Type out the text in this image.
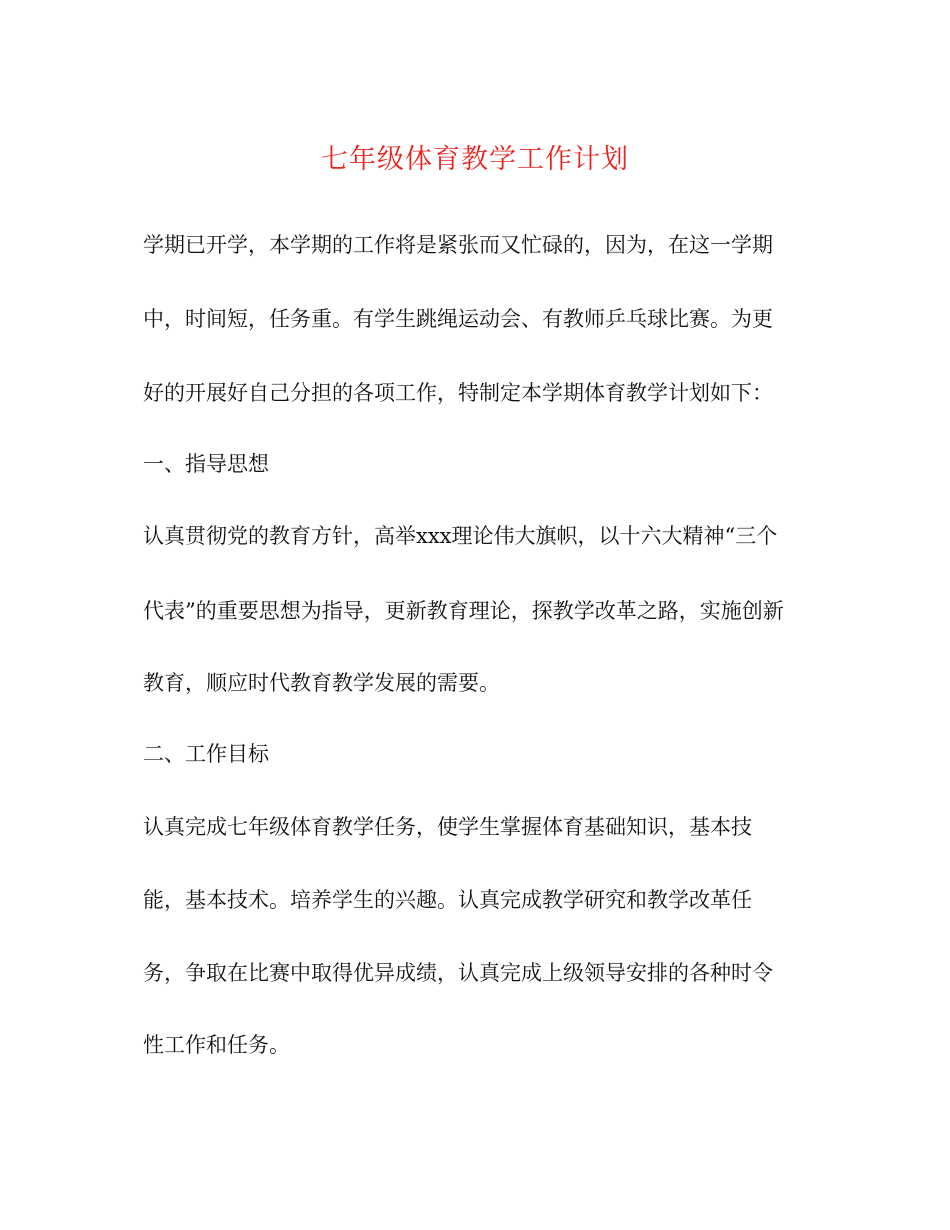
七年级体育教学工作计划
学期已开学，本学期的工作将是紧张而又忙碌的，因为，在这一学期
中，时间短，任务重。有学生跳绳运动会、有教师乒乓球比赛。为更
好的开展好自己分担的各项工作，特制定本学期体育教学计划如下：
一、指导思想
认真贯彻党的教育方针，高举xxx理论伟大旗帜，以十六大精神“三个
代表”的重要思想为指导，更新教育理论，探教学改革之路，实施创新
教育，顺应时代教育教学发展的需要。
二、工作目标
认真完成七年级体育教学任务，使学生掌握体育基础知识，基本技
能，基本技术。培养学生的兴趣。认真完成教学研究和教学改革任
务，争取在比赛中取得优异成绩，认真完成上级领导安排的各种时令
性工作和任务。
